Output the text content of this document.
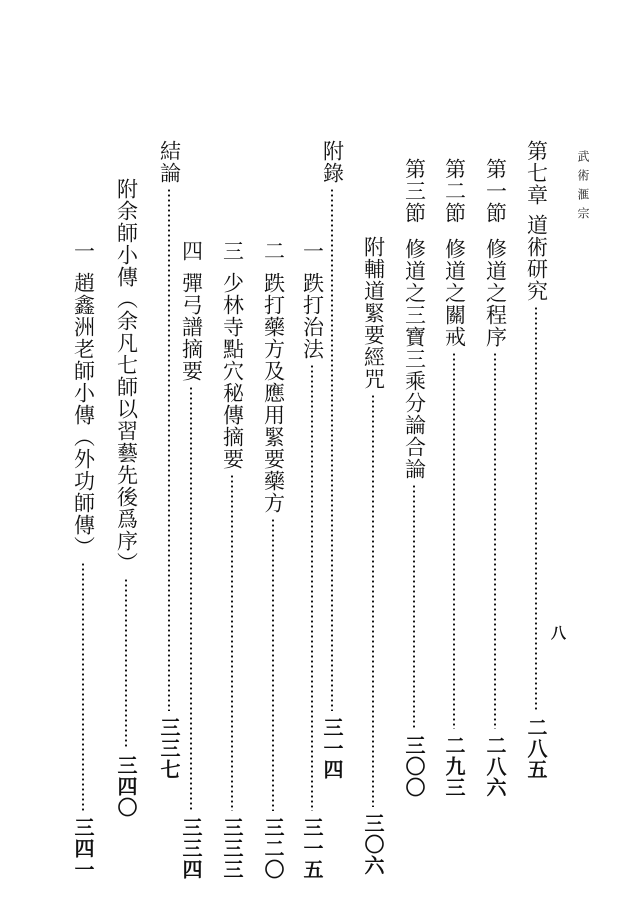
武術滙宗
八
第七章道術研究
二八五
第一節修道之程序
二八六
第二節修道之關戒
二九三
第三節修道之三寶三乘分論合論
三〇〇
附輔道緊要經咒
三〇六
附錄
三一四
一跌打治法
三一五
二跌打藥方及應用緊要藥方
三二〇
三少林寺點穴秘傳摘要
三三三
四彈弓譜摘要
三三四
結論
三三七
附余師小傳（余凡七師以習藝先後爲序）
三四〇
一趙鑫洲老師小傳（外功師傳）
三四一
